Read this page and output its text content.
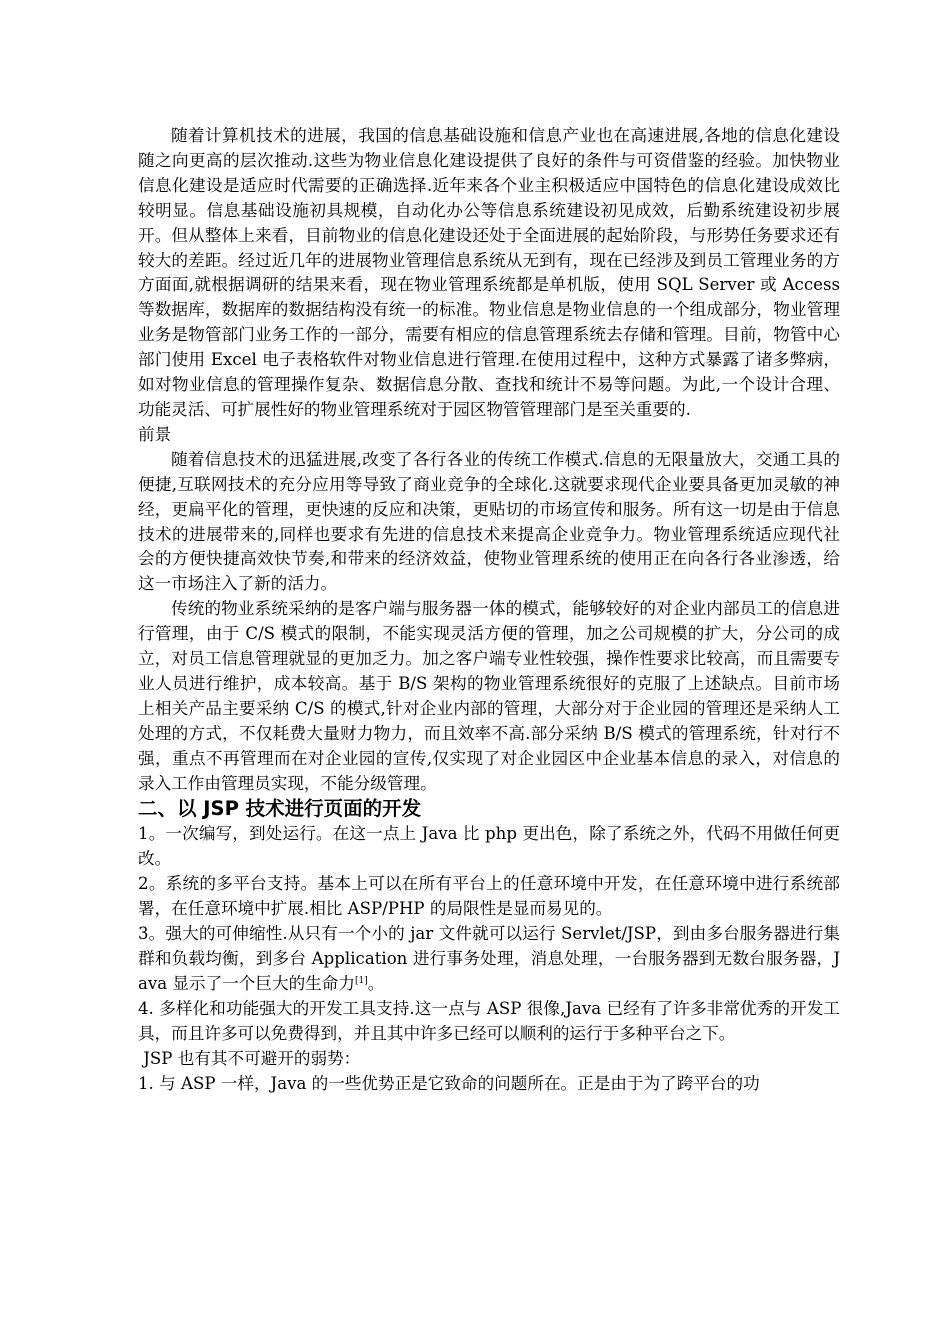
随着计算机技术的进展，我国的信息基础设施和信息产业也在高速进展,各地的信息化建设随之向更高的层次推动.这些为物业信息化建设提供了良好的条件与可资借鉴的经验。加快物业信息化建设是适应时代需要的正确选择.近年来各个业主积极适应中国特色的信息化建设成效比较明显。信息基础设施初具规模，自动化办公等信息系统建设初见成效，后勤系统建设初步展开。但从整体上来看，目前物业的信息化建设还处于全面进展的起始阶段，与形势任务要求还有较大的差距。经过近几年的进展物业管理信息系统从无到有，现在已经涉及到员工管理业务的方方面面,就根据调研的结果来看，现在物业管理系统都是单机版，使用 SQL Server 或 Access 等数据库，数据库的数据结构没有统一的标准。物业信息是物业信息的一个组成部分，物业管理业务是物管部门业务工作的一部分，需要有相应的信息管理系统去存储和管理。目前，物管中心部门使用 Excel 电子表格软件对物业信息进行管理.在使用过程中，这种方式暴露了诸多弊病，如对物业信息的管理操作复杂、数据信息分散、查找和统计不易等问题。为此,一个设计合理、功能灵活、可扩展性好的物业管理系统对于园区物管管理部门是至关重要的.

前景

随着信息技术的迅猛进展,改变了各行各业的传统工作模式.信息的无限量放大，交通工具的便捷,互联网技术的充分应用等导致了商业竞争的全球化.这就要求现代企业要具备更加灵敏的神经，更扁平化的管理，更快速的反应和决策，更贴切的市场宣传和服务。所有这一切是由于信息技术的进展带来的,同样也要求有先进的信息技术来提高企业竞争力。物业管理系统适应现代社会的方便快捷高效快节奏,和带来的经济效益，使物业管理系统的使用正在向各行各业渗透，给这一市场注入了新的活力。

传统的物业系统采纳的是客户端与服务器一体的模式，能够较好的对企业内部员工的信息进行管理，由于 C/S 模式的限制，不能实现灵活方便的管理，加之公司规模的扩大，分公司的成立，对员工信息管理就显的更加乏力。加之客户端专业性较强，操作性要求比较高，而且需要专业人员进行维护，成本较高。基于 B/S 架构的物业管理系统很好的克服了上述缺点。目前市场上相关产品主要采纳 C/S 的模式,针对企业内部的管理，大部分对于企业园的管理还是采纳人工处理的方式，不仅耗费大量财力物力，而且效率不高.部分采纳 B/S 模式的管理系统，针对行不强，重点不再管理而在对企业园的宣传,仅实现了对企业园区中企业基本信息的录入，对信息的录入工作由管理员实现，不能分级管理。

二、以 JSP 技术进行页面的开发

1。一次编写，到处运行。在这一点上 Java 比 php 更出色，除了系统之外，代码不用做任何更改。

2。系统的多平台支持。基本上可以在所有平台上的任意环境中开发，在任意环境中进行系统部署，在任意环境中扩展.相比 ASP/PHP 的局限性是显而易见的。

3。强大的可伸缩性.从只有一个小的 jar 文件就可以运行 Servlet/JSP，到由多台服务器进行集群和负载均衡，到多台 Application 进行事务处理，消息处理，一台服务器到无数台服务器，Java 显示了一个巨大的生命力[1]。

4. 多样化和功能强大的开发工具支持.这一点与 ASP 很像,Java 已经有了许多非常优秀的开发工具，而且许多可以免费得到，并且其中许多已经可以顺利的运行于多种平台之下。

JSP 也有其不可避开的弱势：

1. 与 ASP 一样，Java 的一些优势正是它致命的问题所在。正是由于为了跨平台的功
